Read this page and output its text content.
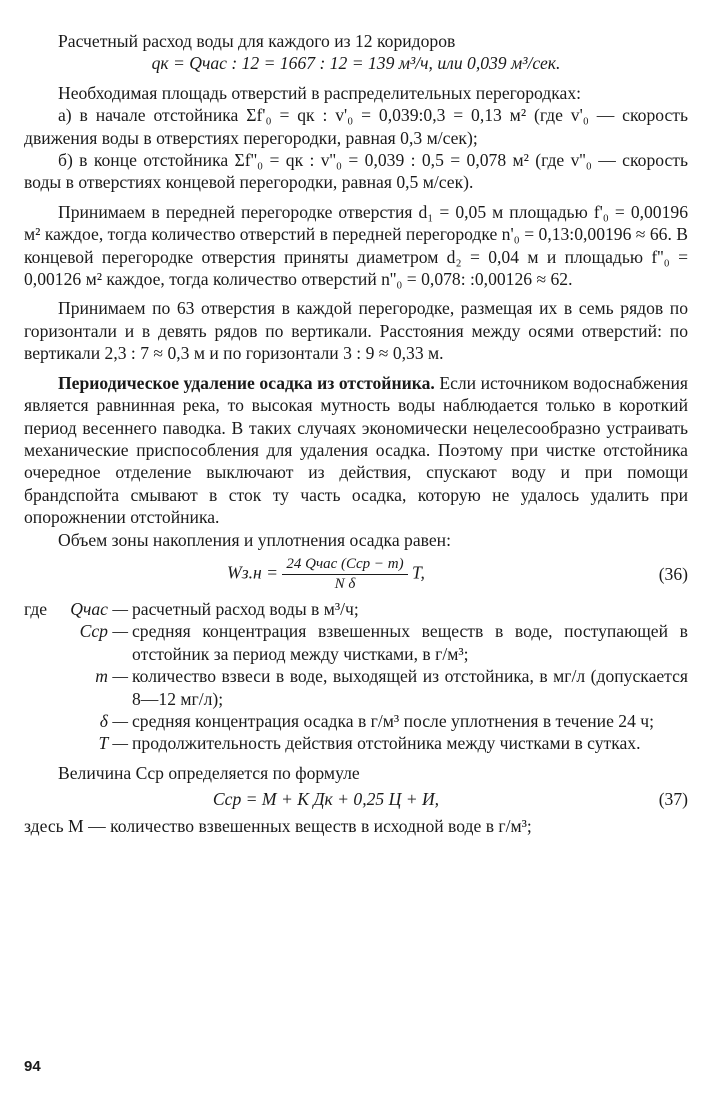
Расчетный расход воды для каждого из 12 коридоров

qк = Qчас : 12 = 1667 : 12 = 139 м³/ч, или 0,039 м³/сек.

Необходимая площадь отверстий в распределительных перегородках:

а) в начале отстойника Σf'₀ = qк : v'₀ = 0,039:0,3 = 0,13 м² (где v'₀ — скорость движения воды в отверстиях перегородки, равная 0,3 м/сек);

б) в конце отстойника Σf''₀ = qк : v''₀ = 0,039 : 0,5 = 0,078 м² (где v''₀ — скорость воды в отверстиях концевой перегородки, равная 0,5 м/сек).

Принимаем в передней перегородке отверстия d₁ = 0,05 м площадью f'₀ = 0,00196 м² каждое, тогда количество отверстий в передней перегородке n'₀ = 0,13:0,00196 ≈ 66. В концевой перегородке отверстия приняты диаметром d₂ = 0,04 м и площадью f''₀ = 0,00126 м² каждое, тогда количество отверстий n''₀ = 0,078: :0,00126 ≈ 62.

Принимаем по 63 отверстия в каждой перегородке, размещая их в семь рядов по горизонтали и в девять рядов по вертикали. Расстояния между осями отверстий: по вертикали 2,3 : 7 ≈ 0,3 м и по горизонтали 3 : 9 ≈ 0,33 м.

Периодическое удаление осадка из отстойника. Если источником водоснабжения является равнинная река, то высокая мутность воды наблюдается только в короткий период весеннего паводка. В таких случаях экономически нецелесообразно устраивать механические приспособления для удаления осадка. Поэтому при чистке отстойника очередное отделение выключают из действия, спускают воду и при помощи брандспойта смывают в сток ту часть осадка, которую не удалось удалить при опорожнении отстойника.

Объем зоны накопления и уплотнения осадка равен:

$Wз.н = \frac{\text{24 Qчас (Cср − m)}}{\text{N δ}} T$,	(36)
где	Qчас — расчетный расход воды в м³/ч;
Cср — средняя концентрация взвешенных веществ в воде, поступающей в отстойник за период между чистками, в г/м³;
m — количество взвеси в воде, выходящей из отстойника, в мг/л (допускается 8—12 мг/л);
δ — средняя концентрация осадка в г/м³ после уплотнения в течение 24 ч;
T — продолжительность действия отстойника между чистками в сутках.

Величина Cср определяется по формуле

Cср = М + К Дк + 0,25 Ц + И,	(37)

здесь М — количество взвешенных веществ в исходной воде в г/м³;

94
